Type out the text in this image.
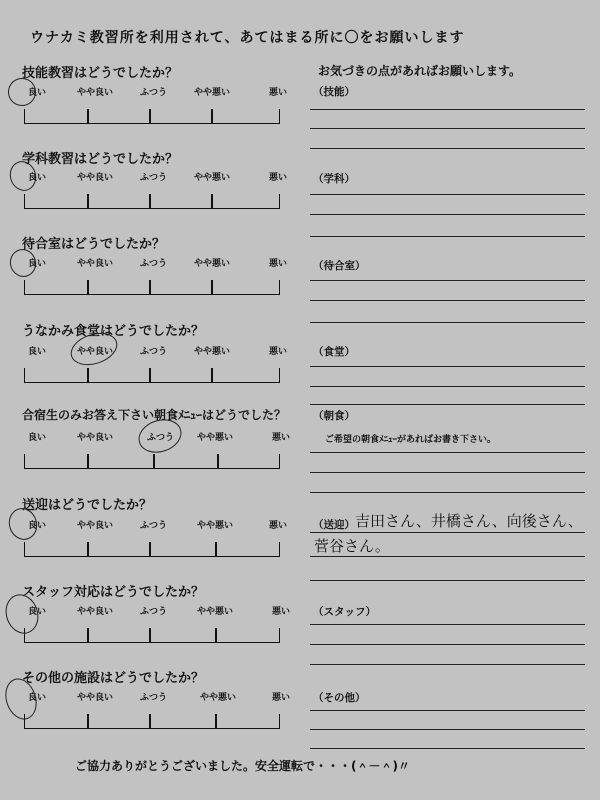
ウナカミ教習所を利用されて、あてはまる所に〇をお願いします
お気づきの点があればお願いします。
技能教習はどうでしたか？
良い	やや良い	ふつう	やや悪い	悪い
学科教習はどうでしたか？
良い	やや良い	ふつう	やや悪い	悪い
待合室はどうでしたか？
良い	やや良い	ふつう	やや悪い	悪い
うなかみ食堂はどうでしたか？
良い	やや良い	ふつう	やや悪い	悪い
合宿生のみお答え下さい朝食ﾒﾆｭｰはどうでした？
良い	やや良い	ふつう	やや悪い	悪い
送迎はどうでしたか？
良い	やや良い	ふつう	やや悪い	悪い
スタッフ対応はどうでしたか？
良い	やや良い	ふつう	やや悪い	悪い
その他の施設はどうでしたか？
良い	やや良い	ふつう	やや悪い	悪い
（技能）
（学科）
（待合室）
（食堂）
（朝食）
ご希望の朝食ﾒﾆｭｰがあればお書き下さい。
（送迎） 吉田さん、井橋さん、向後さん、
菅谷さん。
（スタッフ）
（その他）
ご協力ありがとうございました。安全運転で・・・(＾－＾)〃
